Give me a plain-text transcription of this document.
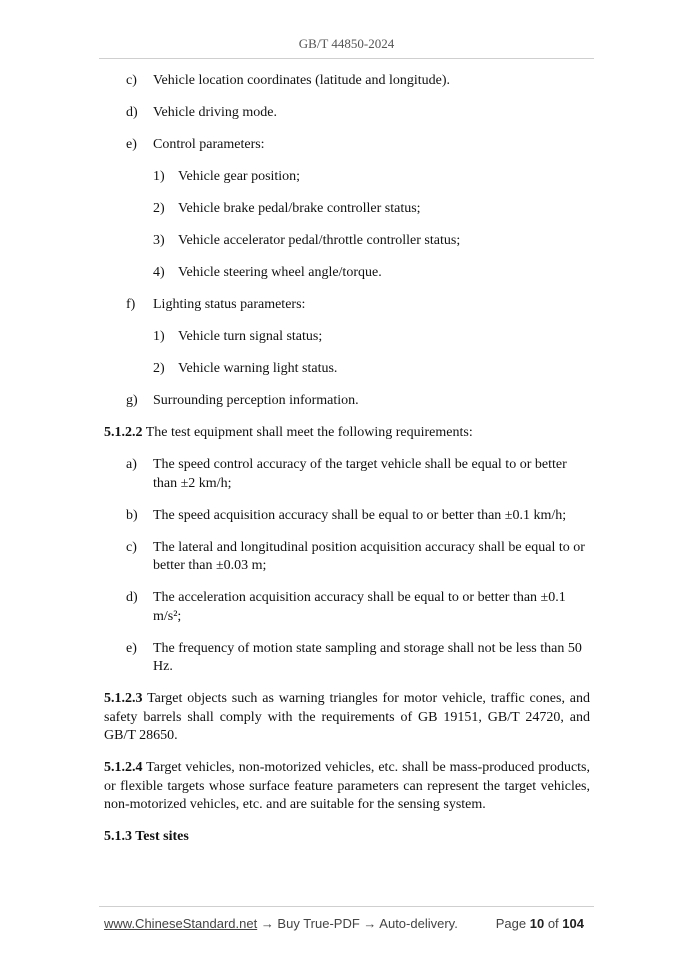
GB/T 44850-2024
c) Vehicle location coordinates (latitude and longitude).
d) Vehicle driving mode.
e) Control parameters:
1) Vehicle gear position;
2) Vehicle brake pedal/brake controller status;
3) Vehicle accelerator pedal/throttle controller status;
4) Vehicle steering wheel angle/torque.
f) Lighting status parameters:
1) Vehicle turn signal status;
2) Vehicle warning light status.
g) Surrounding perception information.
5.1.2.2 The test equipment shall meet the following requirements:
a) The speed control accuracy of the target vehicle shall be equal to or better than ±2 km/h;
b) The speed acquisition accuracy shall be equal to or better than ±0.1 km/h;
c) The lateral and longitudinal position acquisition accuracy shall be equal to or better than ±0.03 m;
d) The acceleration acquisition accuracy shall be equal to or better than ±0.1 m/s²;
e) The frequency of motion state sampling and storage shall not be less than 50 Hz.
5.1.2.3 Target objects such as warning triangles for motor vehicle, traffic cones, and safety barrels shall comply with the requirements of GB 19151, GB/T 24720, and GB/T 28650.
5.1.2.4 Target vehicles, non-motorized vehicles, etc. shall be mass-produced products, or flexible targets whose surface feature parameters can represent the target vehicles, non-motorized vehicles, etc. and are suitable for the sensing system.
5.1.3 Test sites
www.ChineseStandard.net → Buy True-PDF → Auto-delivery.	Page 10 of 104
